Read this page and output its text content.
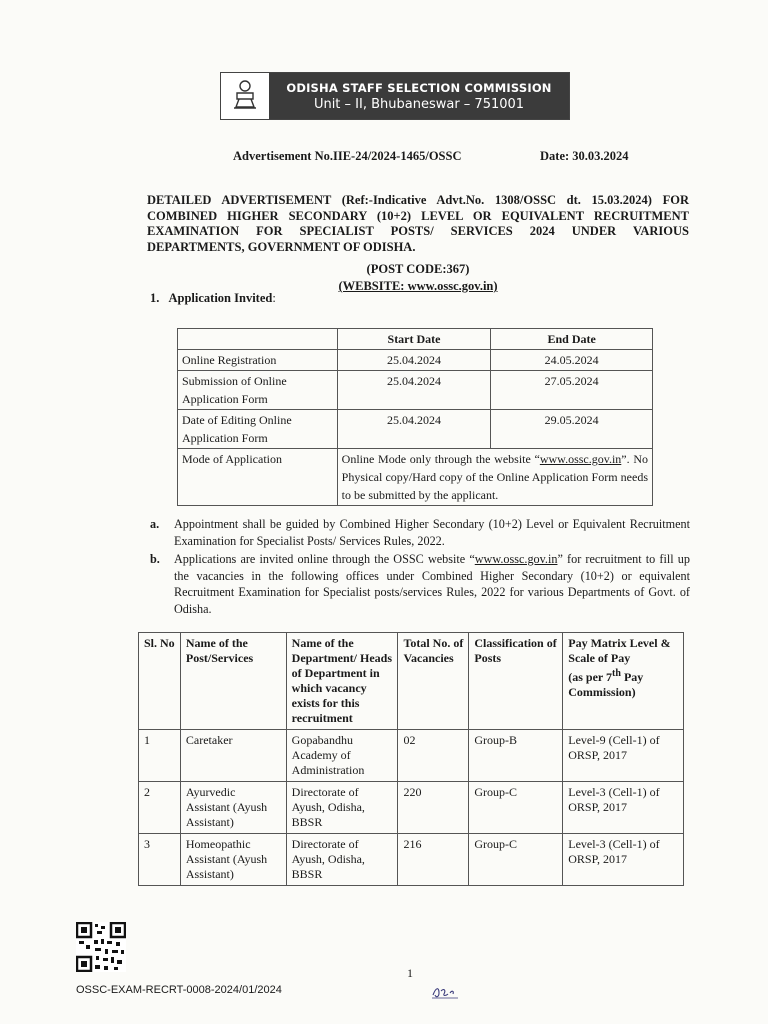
ODISHA STAFF SELECTION COMMISSION
Unit – II, Bhubaneswar – 751001
Advertisement No.IIE-24/2024-1465/OSSC	Date: 30.03.2024
DETAILED ADVERTISEMENT (Ref:-Indicative Advt.No. 1308/OSSC dt. 15.03.2024) FOR COMBINED HIGHER SECONDARY (10+2) LEVEL OR EQUIVALENT RECRUITMENT EXAMINATION FOR SPECIALIST POSTS/ SERVICES 2024 UNDER VARIOUS DEPARTMENTS, GOVERNMENT OF ODISHA.
(POST CODE:367)
(WEBSITE: www.ossc.gov.in)
1. Application Invited:
	Start Date	End Date
Online Registration	25.04.2024	24.05.2024
Submission of Online Application Form	25.04.2024	27.05.2024
Date of Editing Online Application Form	25.04.2024	29.05.2024
Mode of Application	Online Mode only through the website “www.ossc.gov.in”. No Physical copy/Hard copy of the Online Application Form needs to be submitted by the applicant.	
a.	Appointment shall be guided by Combined Higher Secondary (10+2) Level or Equivalent Recruitment Examination for Specialist Posts/ Services Rules, 2022.
b.	Applications are invited online through the OSSC website “www.ossc.gov.in” for recruitment to fill up the vacancies in the following offices under Combined Higher Secondary (10+2) or equivalent Recruitment Examination for Specialist posts/services Rules, 2022 for various Departments of Govt. of Odisha.
Sl. No	Name of the Post/Services	Name of the Department/ Heads of Department in which vacancy exists for this recruitment	Total No. of Vacancies	Classification of Posts	Pay Matrix Level & Scale of Pay
(as per 7th Pay Commission)
1	Caretaker	Gopabandhu Academy of Administration	02	Group-B	Level-9 (Cell-1) of ORSP, 2017
2	Ayurvedic Assistant (Ayush Assistant)	Directorate of Ayush, Odisha, BBSR	220	Group-C	Level-3 (Cell-1) of ORSP, 2017
3	Homeopathic Assistant (Ayush Assistant)	Directorate of Ayush, Odisha, BBSR	216	Group-C	Level-3 (Cell-1) of ORSP, 2017
1
OSSC-EXAM-RECRT-0008-2024/01/2024
